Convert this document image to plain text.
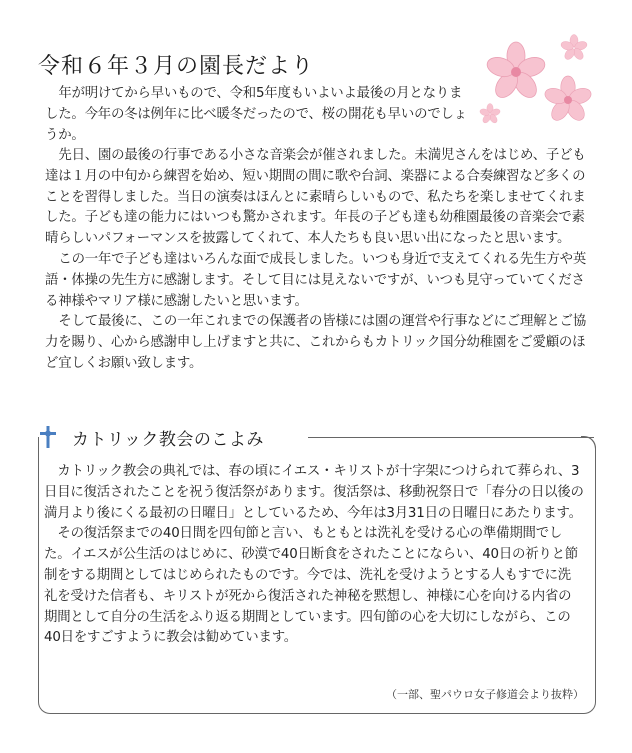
令和６年３月の園長だより

年が明けてから早いもので、令和5年度もいよいよ最後の月となりました。今年の冬は例年に比べ暖冬だったので、桜の開花も早いのでしょうか。

先日、園の最後の行事である小さな音楽会が催されました。未満児さんをはじめ、子ども達は１月の中旬から練習を始め、短い期間の間に歌や台詞、楽器による合奏練習など多くのことを習得しました。当日の演奏はほんとに素晴らしいもので、私たちを楽しませてくれました。子ども達の能力にはいつも驚かされます。年長の子ども達も幼稚園最後の音楽会で素晴らしいパフォーマンスを披露してくれて、本人たちも良い思い出になったと思います。

この一年で子ども達はいろんな面で成長しました。いつも身近で支えてくれる先生方や英語・体操の先生方に感謝します。そして目には見えないですが、いつも見守っていてくださる神様やマリア様に感謝したいと思います。

そして最後に、この一年これまでの保護者の皆様には園の運営や行事などにご理解とご協力を賜り、心から感謝申し上げますと共に、これからもカトリック国分幼稚園をご愛顧のほど宜しくお願い致します。

カトリック教会のこよみ

カトリック教会の典礼では、春の頃にイエス・キリストが十字架につけられて葬られ、3日目に復活されたことを祝う復活祭があります。復活祭は、移動祝祭日で「春分の日以後の満月より後にくる最初の日曜日」としているため、今年は3月31日の日曜日にあたります。

その復活祭までの40日間を四旬節と言い、もともとは洗礼を受ける心の準備期間でした。イエスが公生活のはじめに、砂漠で40日断食をされたことにならい、40日の祈りと節制をする期間としてはじめられたものです。今では、洗礼を受けようとする人もすでに洗礼を受けた信者も、キリストが死から復活された神秘を黙想し、神様に心を向ける内省の期間として自分の生活をふり返る期間としています。四旬節の心を大切にしながら、この40日をすごすように教会は勧めています。

（一部、聖パウロ女子修道会より抜粋）
